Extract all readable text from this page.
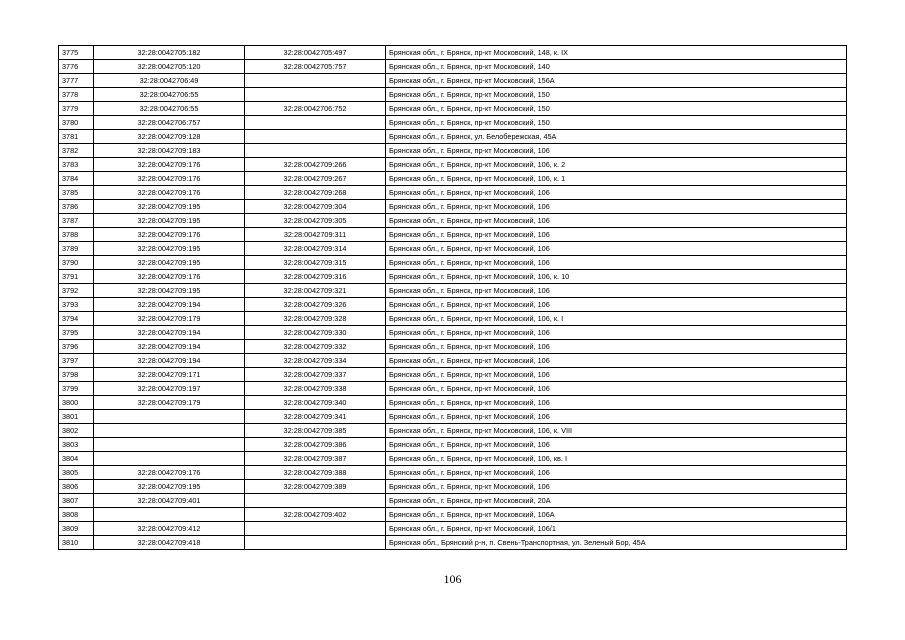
3775	32:28:0042705:182	32:28:0042705:497	Брянская обл., г. Брянск, пр-кт Московский, 148, к. IX
3776	32:28:0042705:120	32:28:0042705:757	Брянская обл., г. Брянск, пр-кт Московский, 140
3777	32:28:0042706:49		Брянская обл., г. Брянск, пр-кт Московский, 156А
3778	32:28:0042706:55		Брянская обл., г. Брянск, пр-кт Московский, 150
3779	32:28:0042706:55	32:28:0042706:752	Брянская обл., г. Брянск, пр-кт Московский, 150
3780	32:28:0042706:757		Брянская обл., г. Брянск, пр-кт Московский, 150
3781	32:28:0042709:128		Брянская обл., г. Брянск, ул. Белобережская, 45А
3782	32:28:0042709:183		Брянская обл., г. Брянск, пр-кт Московский, 106
3783	32:28:0042709:176	32:28:0042709:266	Брянская обл., г. Брянск, пр-кт Московский, 106, к. 2
3784	32:28:0042709:176	32:28:0042709:267	Брянская обл., г. Брянск, пр-кт Московский, 106, к. 1
3785	32:28:0042709:176	32:28:0042709:268	Брянская обл., г. Брянск, пр-кт Московский, 106
3786	32:28:0042709:195	32:28:0042709:304	Брянская обл., г. Брянск, пр-кт Московский, 106
3787	32:28:0042709:195	32:28:0042709:305	Брянская обл., г. Брянск, пр-кт Московский, 106
3788	32:28:0042709:176	32:28:0042709:311	Брянская обл., г. Брянск, пр-кт Московский, 106
3789	32:28:0042709:195	32:28:0042709:314	Брянская обл., г. Брянск, пр-кт Московский, 106
3790	32:28:0042709:195	32:28:0042709:315	Брянская обл., г. Брянск, пр-кт Московский, 106
3791	32:28:0042709:176	32:28:0042709:316	Брянская обл., г. Брянск, пр-кт Московский, 106, к. 10
3792	32:28:0042709:195	32:28:0042709:321	Брянская обл., г. Брянск, пр-кт Московский, 106
3793	32:28:0042709:194	32:28:0042709:326	Брянская обл., г. Брянск, пр-кт Московский, 106
3794	32:28:0042709:179	32:28:0042709:328	Брянская обл., г. Брянск, пр-кт Московский, 106, к. I
3795	32:28:0042709:194	32:28:0042709:330	Брянская обл., г. Брянск, пр-кт Московский, 106
3796	32:28:0042709:194	32:28:0042709:332	Брянская обл., г. Брянск, пр-кт Московский, 106
3797	32:28:0042709:194	32:28:0042709:334	Брянская обл., г. Брянск, пр-кт Московский, 106
3798	32:28:0042709:171	32:28:0042709:337	Брянская обл., г. Брянск, пр-кт Московский, 106
3799	32:28:0042709:197	32:28:0042709:338	Брянская обл., г. Брянск, пр-кт Московский, 106
3800	32:28:0042709:179	32:28:0042709:340	Брянская обл., г. Брянск, пр-кт Московский, 106
3801		32:28:0042709:341	Брянская обл., г. Брянск, пр-кт Московский, 106
3802		32:28:0042709:385	Брянская обл., г. Брянск, пр-кт Московский, 106, к. VIII
3803		32:28:0042709:386	Брянская обл., г. Брянск, пр-кт Московский, 106
3804		32:28:0042709:387	Брянская обл., г. Брянск, пр-кт Московский, 106, кв. I
3805	32:28:0042709:176	32:28:0042709:388	Брянская обл., г. Брянск, пр-кт Московский, 106
3806	32:28:0042709:195	32:28:0042709:389	Брянская обл., г. Брянск, пр-кт Московский, 106
3807	32:28:0042709:401		Брянская обл., г. Брянск, пр-кт Московский, 20А
3808		32:28:0042709:402	Брянская обл., г. Брянск, пр-кт Московский, 106А
3809	32:28:0042709:412		Брянская обл., г. Брянск, пр-кт Московский, 106/1
3810	32:28:0042709:418		Брянская обл., Брянский р-н, п. Свень-Транспортная, ул. Зеленый Бор, 45А
106
